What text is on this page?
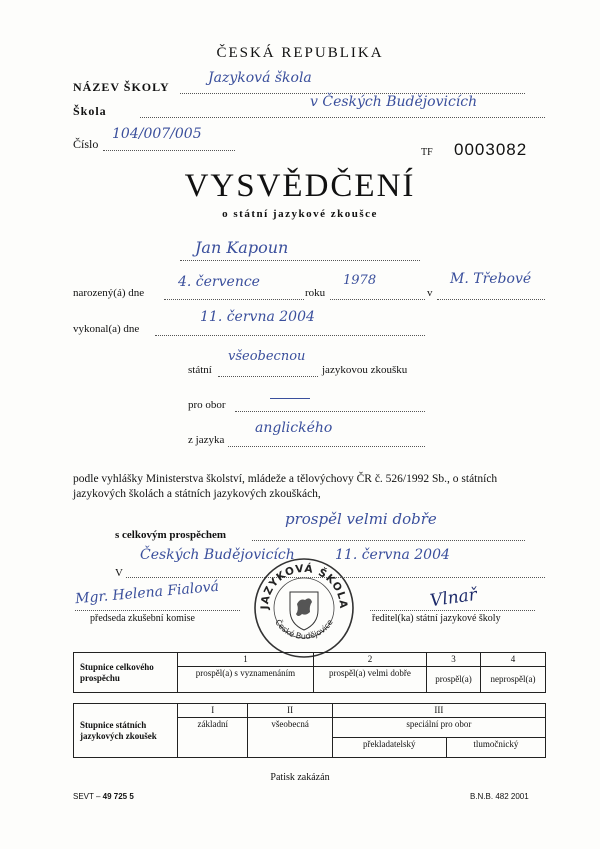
ČESKÁ REPUBLIKA
NÁZEV ŠKOLY
Jazyková škola
Škola
v Českých Budějovicích
Číslo
104/007/005
TF 0003082
VYSVĚDČENÍ
o státní jazykové zkoušce
Jan Kapoun
narozený(á) dne
4. července
roku
1978
v
M. Třebové
vykonal(a) dne
11. června 2004
státní
všeobecnou
jazykovou zkoušku
pro obor
z jazyka
anglického
podle vyhlášky Ministerstva školství, mládeže a tělovýchovy ČR č. 526/1992 Sb., o státních jazykových školách a státních jazykových zkouškách,
s celkovým prospěchem
prospěl velmi dobře
V
Českých Budějovicích	11. června 2004
Mgr. Helena Fialová
předseda zkušební komise
Vlnař
ředitel(ka) státní jazykové školy
JAZYKOVÁ ŠKOLA
České Budějovice
Stupnice celkového prospěchu	1	2	3	4
	prospěl(a) s vyznamenáním	prospěl(a) velmi dobře	prospěl(a)	neprospěl(a)
Stupnice státních jazykových zkoušek	I	II	III	
	základní	všeobecná	speciální pro obor	
			překladatelský	tlumočnický
Patisk zakázán
SEVT – 49 725 5	B.N.B. 482 2001
